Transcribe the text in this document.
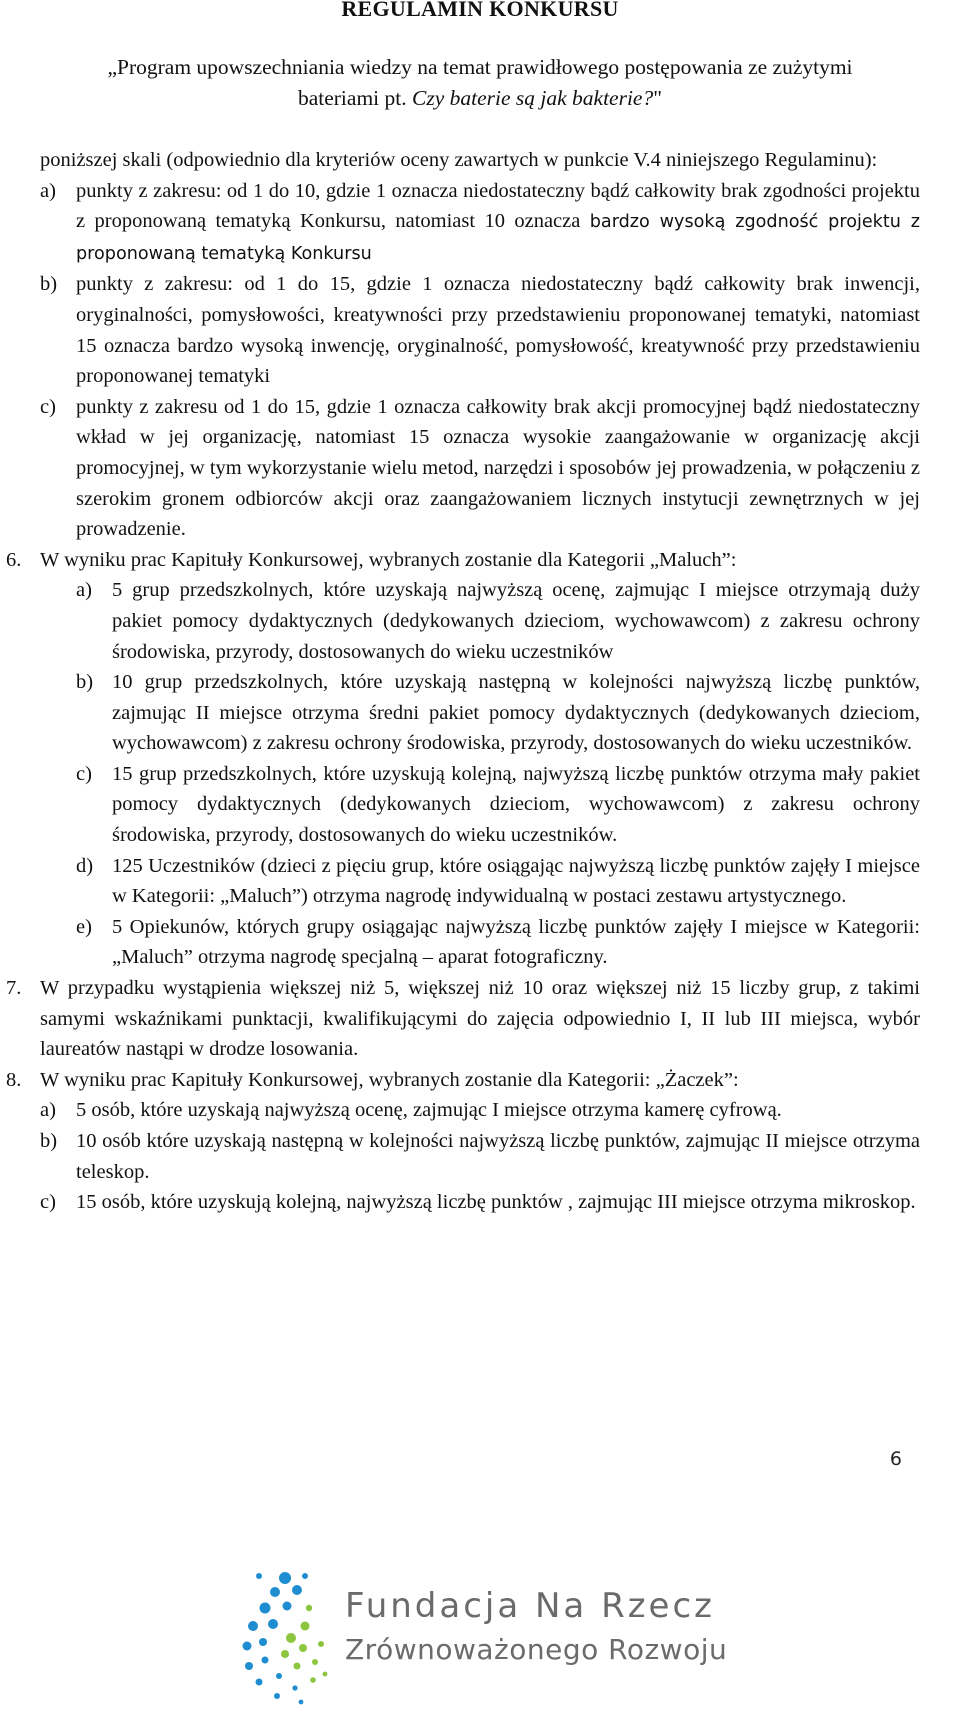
REGULAMIN KONKURSU
„Program upowszechniania wiedzy na temat prawidłowego postępowania ze zużytymi
bateriami pt. Czy baterie są jak bakterie?"

poniższej skali (odpowiednio dla kryteriów oceny zawartych w punkcie V.4 niniejszego Regulaminu):

a) punkty z zakresu: od 1 do 10, gdzie 1 oznacza niedostateczny bądź całkowity brak zgodności projektu z proponowaną tematyką Konkursu, natomiast 10 oznacza bardzo wysoką zgodność projektu z proponowaną tematyką Konkursu
b) punkty z zakresu: od 1 do 15, gdzie 1 oznacza niedostateczny bądź całkowity brak inwencji, oryginalności, pomysłowości, kreatywności przy przedstawieniu proponowanej tematyki, natomiast 15 oznacza bardzo wysoką inwencję, oryginalność, pomysłowość, kreatywność przy przedstawieniu proponowanej tematyki
c) punkty z zakresu od 1 do 15, gdzie 1 oznacza całkowity brak akcji promocyjnej bądź niedostateczny wkład w jej organizację, natomiast 15 oznacza wysokie zaangażowanie w organizację akcji promocyjnej, w tym wykorzystanie wielu metod, narzędzi i sposobów jej prowadzenia, w połączeniu z szerokim gronem odbiorców akcji oraz zaangażowaniem licznych instytucji zewnętrznych w jej prowadzenie.
6. W wyniku prac Kapituły Konkursowej, wybranych zostanie dla Kategorii „Maluch”:
a) 5 grup przedszkolnych, które uzyskają najwyższą ocenę, zajmując I miejsce otrzymają duży pakiet pomocy dydaktycznych (dedykowanych dzieciom, wychowawcom) z zakresu ochrony środowiska, przyrody, dostosowanych do wieku uczestników
b) 10 grup przedszkolnych, które uzyskają następną w kolejności najwyższą liczbę punktów, zajmując II miejsce otrzyma średni pakiet pomocy dydaktycznych (dedykowanych dzieciom, wychowawcom) z zakresu ochrony środowiska, przyrody, dostosowanych do wieku uczestników.
c) 15 grup przedszkolnych, które uzyskują kolejną, najwyższą liczbę punktów otrzyma mały pakiet pomocy dydaktycznych (dedykowanych dzieciom, wychowawcom) z zakresu ochrony środowiska, przyrody, dostosowanych do wieku uczestników.
d) 125 Uczestników (dzieci z pięciu grup, które osiągając najwyższą liczbę punktów zajęły I miejsce w Kategorii: „Maluch”) otrzyma nagrodę indywidualną w postaci zestawu artystycznego.
e) 5 Opiekunów, których grupy osiągając najwyższą liczbę punktów zajęły I miejsce w Kategorii: „Maluch” otrzyma nagrodę specjalną – aparat fotograficzny.
7. W przypadku wystąpienia większej niż 5, większej niż 10 oraz większej niż 15 liczby grup, z takimi samymi wskaźnikami punktacji, kwalifikującymi do zajęcia odpowiednio I, II lub III miejsca, wybór laureatów nastąpi w drodze losowania.
8. W wyniku prac Kapituły Konkursowej, wybranych zostanie dla Kategorii: „Żaczek”:
a) 5 osób, które uzyskają najwyższą ocenę, zajmując I miejsce otrzyma kamerę cyfrową.
b) 10 osób które uzyskają następną w kolejności najwyższą liczbę punktów, zajmując II miejsce otrzyma teleskop.
c) 15 osób, które uzyskują kolejną, najwyższą liczbę punktów , zajmując III miejsce otrzyma mikroskop.
6
Fundacja Na Rzecz
Zrównoważonego Rozwoju
